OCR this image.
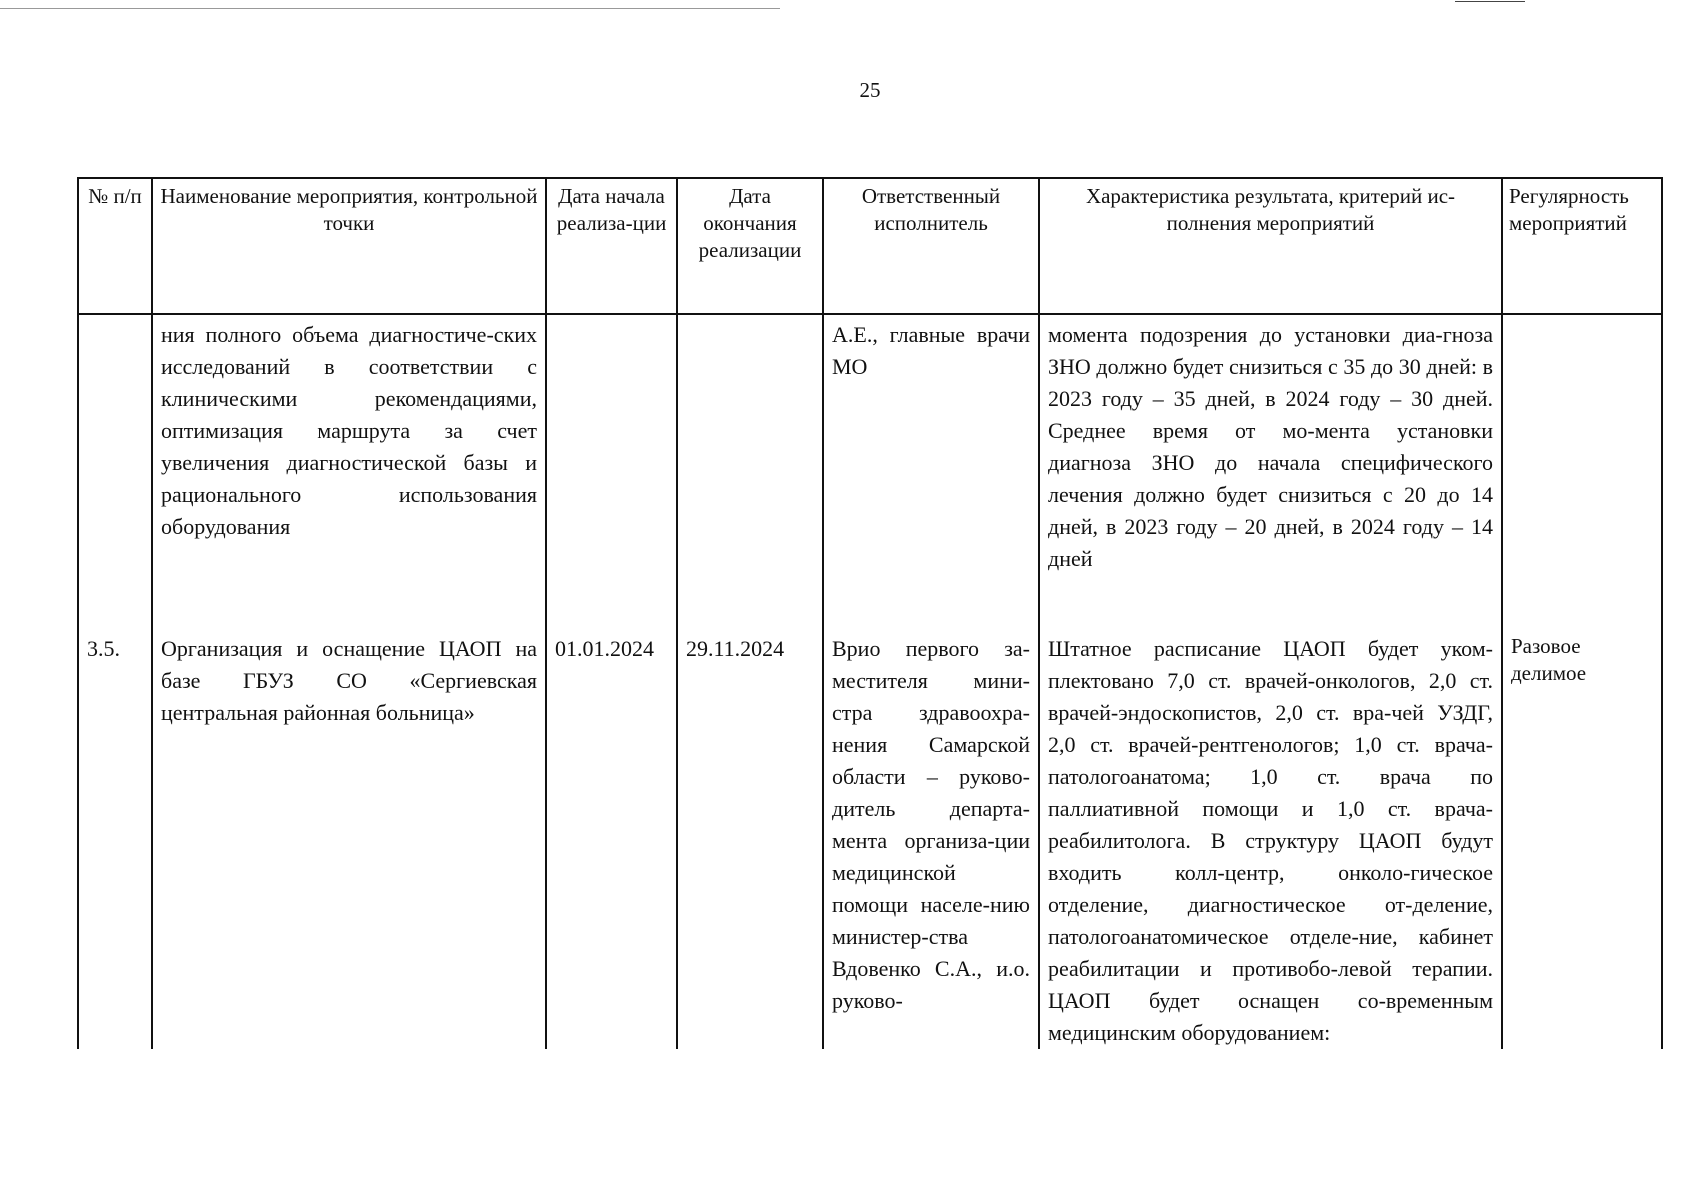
25
№ п/п	Наименование мероприятия, контрольной точки	Дата начала реализа-ции	Дата окончания реализации	Ответственный исполнитель	Характеристика результата, критерий ис-полнения мероприятий	Регулярность мероприятий
	ния полного объема диагностиче-ских исследований в соответствии с клиническими рекомендациями, оптимизация маршрута за счет увеличения диагностической базы и рационального использования оборудования			А.Е., главные врачи МО	момента подозрения до установки диа-гноза ЗНО должно будет снизиться с 35 до 30 дней: в 2023 году – 35 дней, в 2024 году – 30 дней. Среднее время от мо-мента установки диагноза ЗНО до начала специфического лечения должно будет снизиться с 20 до 14 дней, в 2023 году – 20 дней, в 2024 году – 14 дней	
3.5.	Организация и оснащение ЦАОП на базе ГБУЗ СО «Сергиевская центральная районная больница»	01.01.2024	29.11.2024	Врио первого за-местителя мини-стра здравоохра-нения Самарской области – руково-дитель департа-мента организа-ции медицинской помощи населе-нию министер-ства Вдовенко С.А., и.о. руково-	Штатное расписание ЦАОП будет уком-плектовано 7,0 ст. врачей-онкологов, 2,0 ст. врачей-эндоскопистов, 2,0 ст. вра-чей УЗДГ, 2,0 ст. врачей-рентгенологов; 1,0 ст. врача-патологоанатома; 1,0 ст. врача по паллиативной помощи и 1,0 ст. врача-реабилитолога. В структуру ЦАОП будут входить колл-центр, онколо-гическое отделение, диагностическое от-деление, патологоанатомическое отделе-ние, кабинет реабилитации и противобо-левой терапии. ЦАОП будет оснащен со-временным медицинским оборудованием:	Разовое делимое
